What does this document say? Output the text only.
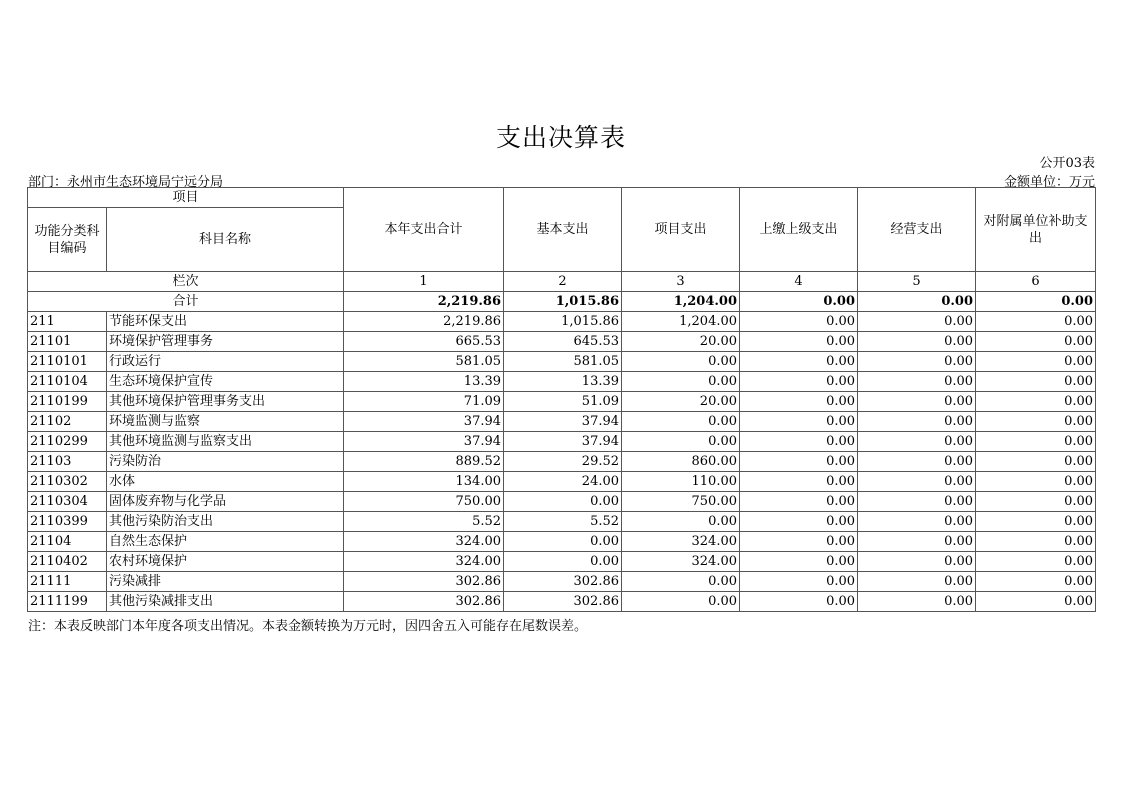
支出决算表
公开03表
部门：永州市生态环境局宁远分局	金额单位：万元
项目		本年支出合计	基本支出	项目支出	上缴上级支出	经营支出	对附属单位补助支出
功能分类科目编码	科目名称						
栏次		1	2	3	4	5	6
合计		2,219.86	1,015.86	1,204.00	0.00	0.00	0.00
211	节能环保支出	2,219.86	1,015.86	1,204.00	0.00	0.00	0.00
21101	环境保护管理事务	665.53	645.53	20.00	0.00	0.00	0.00
2110101	行政运行	581.05	581.05	0.00	0.00	0.00	0.00
2110104	生态环境保护宣传	13.39	13.39	0.00	0.00	0.00	0.00
2110199	其他环境保护管理事务支出	71.09	51.09	20.00	0.00	0.00	0.00
21102	环境监测与监察	37.94	37.94	0.00	0.00	0.00	0.00
2110299	其他环境监测与监察支出	37.94	37.94	0.00	0.00	0.00	0.00
21103	污染防治	889.52	29.52	860.00	0.00	0.00	0.00
2110302	水体	134.00	24.00	110.00	0.00	0.00	0.00
2110304	固体废弃物与化学品	750.00	0.00	750.00	0.00	0.00	0.00
2110399	其他污染防治支出	5.52	5.52	0.00	0.00	0.00	0.00
21104	自然生态保护	324.00	0.00	324.00	0.00	0.00	0.00
2110402	农村环境保护	324.00	0.00	324.00	0.00	0.00	0.00
21111	污染减排	302.86	302.86	0.00	0.00	0.00	0.00
2111199	其他污染减排支出	302.86	302.86	0.00	0.00	0.00	0.00
注：本表反映部门本年度各项支出情况。本表金额转换为万元时，因四舍五入可能存在尾数误差。
